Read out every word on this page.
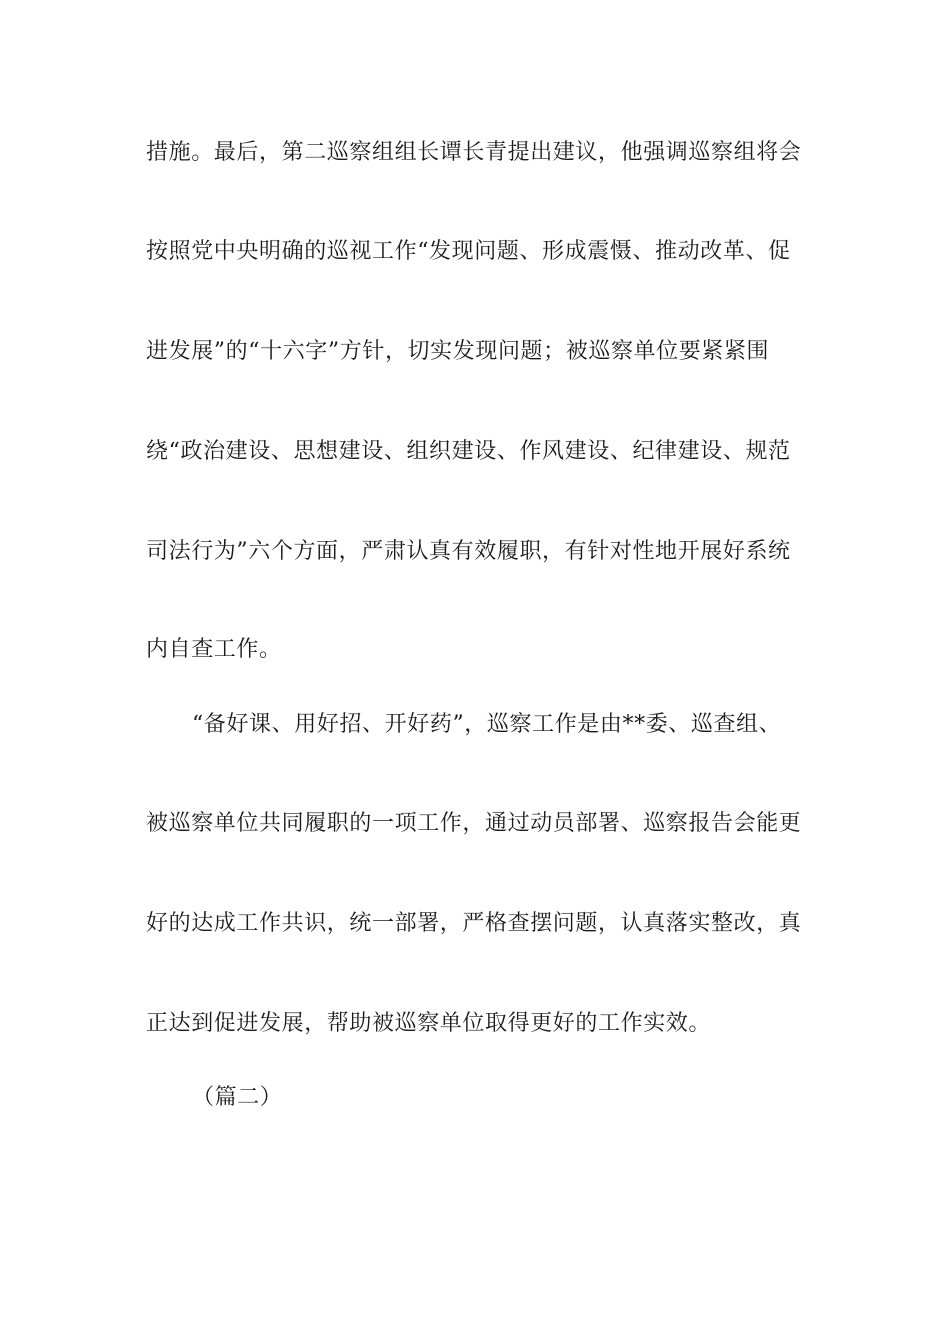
措施。最后，第二巡察组组长谭长青提出建议，他强调巡察组将会
按照党中央明确的巡视工作“发现问题、形成震慑、推动改革、促
进发展”的“十六字”方针，切实发现问题；被巡察单位要紧紧围
绕“政治建设、思想建设、组织建设、作风建设、纪律建设、规范
司法行为”六个方面，严肃认真有效履职，有针对性地开展好系统
内自查工作。
“备好课、用好招、开好药”，巡察工作是由**委、巡查组、
被巡察单位共同履职的一项工作，通过动员部署、巡察报告会能更
好的达成工作共识，统一部署，严格查摆问题，认真落实整改，真
正达到促进发展，帮助被巡察单位取得更好的工作实效。
（篇二）
